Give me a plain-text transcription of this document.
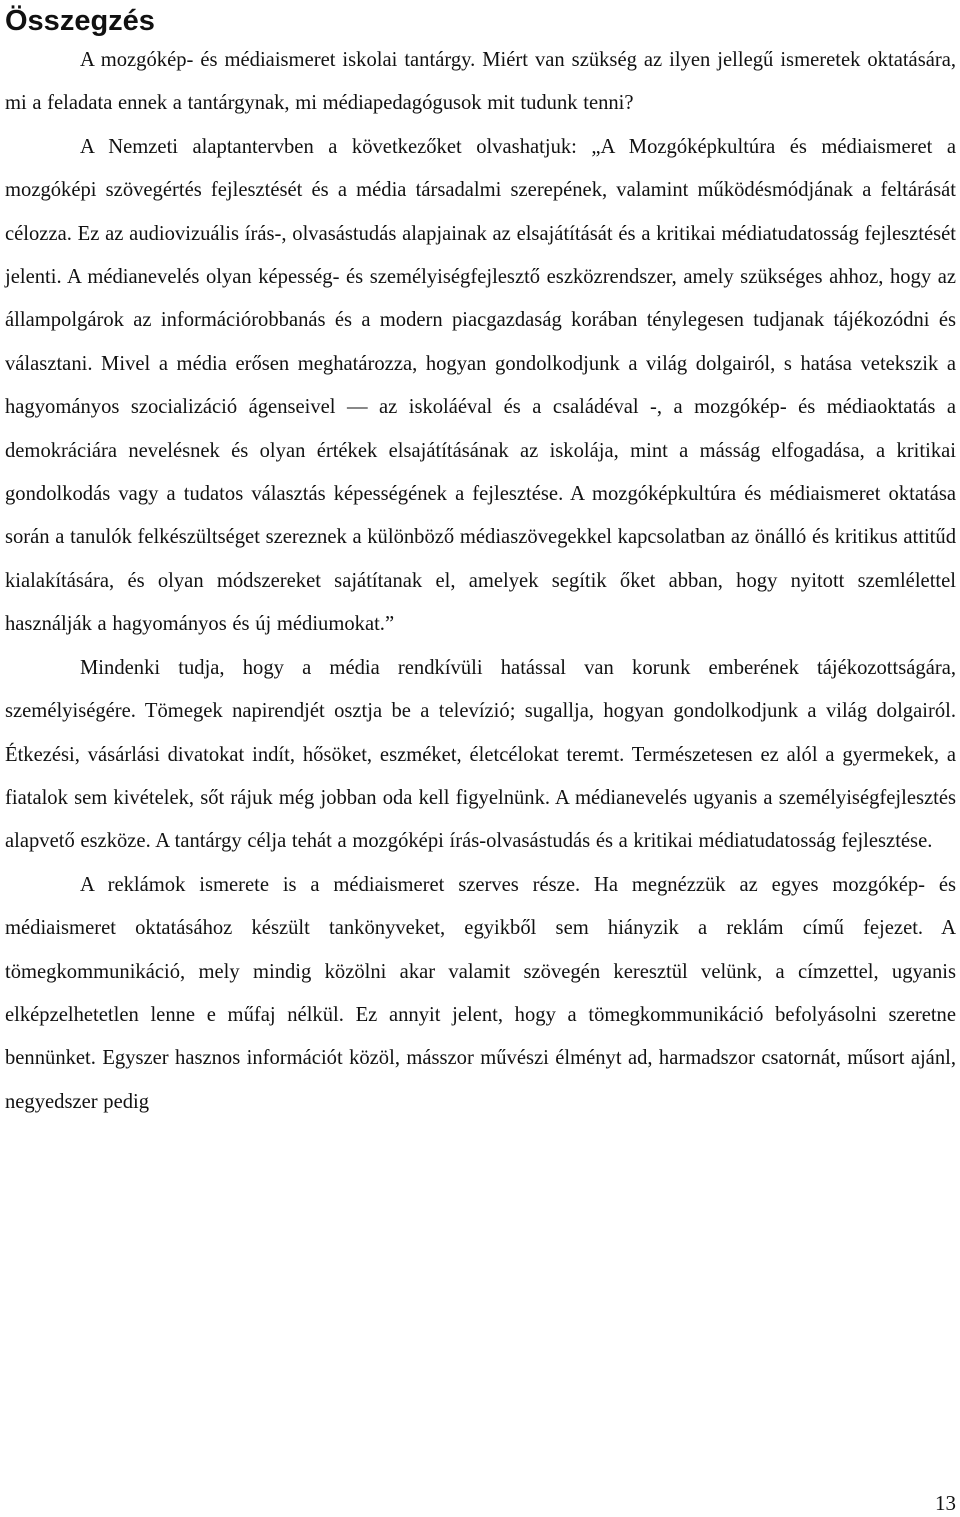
Összegzés

A mozgókép- és médiaismeret iskolai tantárgy. Miért van szükség az ilyen jellegű ismeretek oktatására, mi a feladata ennek a tantárgynak, mi médiapedagógusok mit tudunk tenni?

A Nemzeti alaptantervben a következőket olvashatjuk: „A Mozgóképkultúra és médiaismeret a mozgóképi szövegértés fejlesztését és a média társadalmi szerepének, valamint működésmódjának a feltárását célozza. Ez az audiovizuális írás-, olvasástudás alapjainak az elsajátítását és a kritikai médiatudatosság fejlesztését jelenti. A médianevelés olyan képesség- és személyiségfejlesztő eszközrendszer, amely szükséges ahhoz, hogy az állampolgárok az információrobbanás és a modern piacgazdaság korában ténylegesen tudjanak tájékozódni és választani. Mivel a média erősen meghatározza, hogyan gondolkodjunk a világ dolgairól, s hatása vetekszik a hagyományos szocializáció ágenseivel — az iskoláéval és a családéval -, a mozgókép- és médiaoktatás a demokráciára nevelésnek és olyan értékek elsajátításának az iskolája, mint a másság elfogadása, a kritikai gondolkodás vagy a tudatos választás képességének a fejlesztése. A mozgóképkultúra és médiaismeret oktatása során a tanulók felkészültséget szereznek a különböző médiaszövegekkel kapcsolatban az önálló és kritikus attitűd kialakítására, és olyan módszereket sajátítanak el, amelyek segítik őket abban, hogy nyitott szemlélettel használják a hagyományos és új médiumokat.”

Mindenki tudja, hogy a média rendkívüli hatással van korunk emberének tájékozottságára, személyiségére. Tömegek napirendjét osztja be a televízió; sugallja, hogyan gondolkodjunk a világ dolgairól. Étkezési, vásárlási divatokat indít, hősöket, eszméket, életcélokat teremt. Természetesen ez alól a gyermekek, a fiatalok sem kivételek, sőt rájuk még jobban oda kell figyelnünk. A médianevelés ugyanis a személyiségfejlesztés alapvető eszköze. A tantárgy célja tehát a mozgóképi írás-olvasástudás és a kritikai médiatudatosság fejlesztése.

A reklámok ismerete is a médiaismeret szerves része. Ha megnézzük az egyes mozgókép- és médiaismeret oktatásához készült tankönyveket, egyikből sem hiányzik a reklám című fejezet. A tömegkommunikáció, mely mindig közölni akar valamit szövegén keresztül velünk, a címzettel, ugyanis elképzelhetetlen lenne e műfaj nélkül. Ez annyit jelent, hogy a tömegkommunikáció befolyásolni szeretne bennünket. Egyszer hasznos információt közöl, másszor művészi élményt ad, harmadszor csatornát, műsort ajánl, negyedszer pedig

13
